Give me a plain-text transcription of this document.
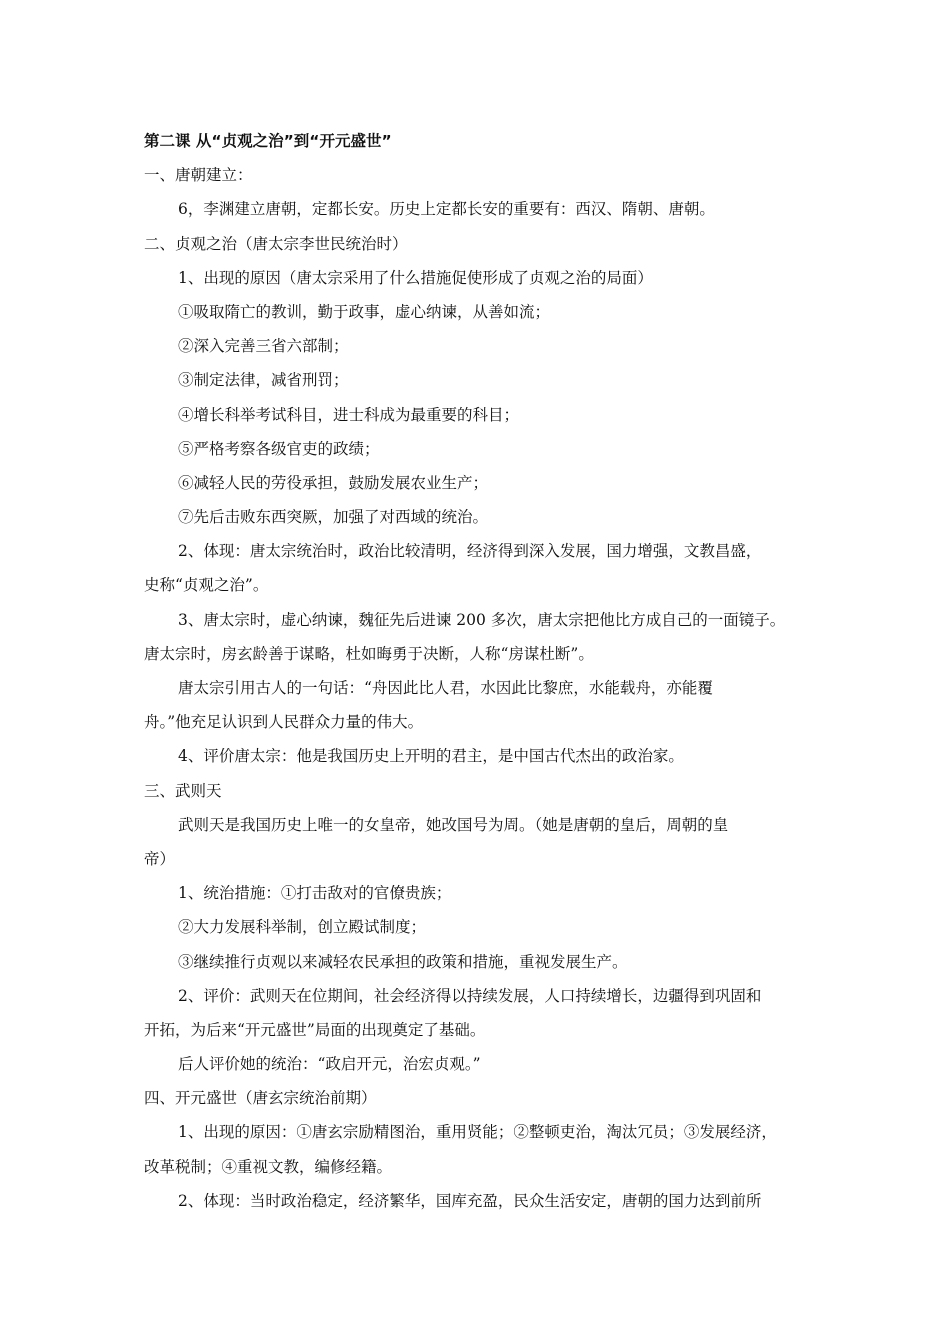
第二课 从“贞观之治”到“开元盛世”
一、唐朝建立：
6，李渊建立唐朝，定都长安。历史上定都长安的重要有：西汉、隋朝、唐朝。
二、贞观之治（唐太宗李世民统治时）
1、出现的原因（唐太宗采用了什么措施促使形成了贞观之治的局面）
①吸取隋亡的教训，勤于政事，虚心纳谏，从善如流；
②深入完善三省六部制；
③制定法律，减省刑罚；
④增长科举考试科目，进士科成为最重要的科目；
⑤严格考察各级官吏的政绩；
⑥减轻人民的劳役承担，鼓励发展农业生产；
⑦先后击败东西突厥，加强了对西域的统治。
2、体现：唐太宗统治时，政治比较清明，经济得到深入发展，国力增强，文教昌盛，
史称“贞观之治”。
3、唐太宗时，虚心纳谏，魏征先后进谏 200 多次，唐太宗把他比方成自己的一面镜子。
唐太宗时，房玄龄善于谋略，杜如晦勇于决断，人称“房谋杜断”。
唐太宗引用古人的一句话：“舟因此比人君，水因此比黎庶，水能载舟，亦能覆
舟。”他充足认识到人民群众力量的伟大。
4、评价唐太宗：他是我国历史上开明的君主，是中国古代杰出的政治家。
三、武则天
武则天是我国历史上唯一的女皇帝，她改国号为周。（她是唐朝的皇后，周朝的皇
帝）
1、统治措施：①打击敌对的官僚贵族；
②大力发展科举制，创立殿试制度；
③继续推行贞观以来减轻农民承担的政策和措施，重视发展生产。
2、评价：武则天在位期间，社会经济得以持续发展，人口持续增长，边疆得到巩固和
开拓，为后来“开元盛世”局面的出现奠定了基础。
后人评价她的统治：“政启开元，治宏贞观。”
四、开元盛世（唐玄宗统治前期）
1、出现的原因：①唐玄宗励精图治，重用贤能；②整顿吏治，淘汰冗员；③发展经济，
改革税制；④重视文教，编修经籍。
2、体现：当时政治稳定，经济繁华，国库充盈，民众生活安定，唐朝的国力达到前所
